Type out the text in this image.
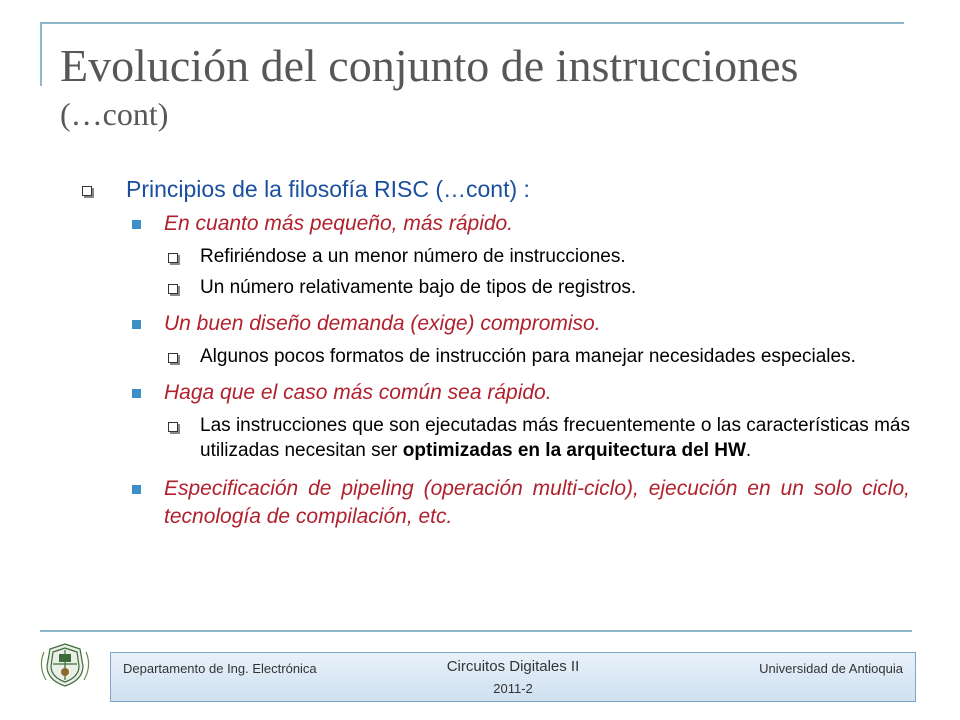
Evolución del conjunto de instrucciones
(…cont)
Principios de la filosofía RISC (…cont) :
En cuanto más pequeño, más rápido.
Refiriéndose a un menor número de instrucciones.
Un número relativamente bajo de tipos de registros.
Un buen diseño demanda (exige) compromiso.
Algunos pocos formatos de instrucción para manejar necesidades especiales.
Haga que el caso más común sea rápido.
Las instrucciones que son ejecutadas más frecuentemente o las características más utilizadas necesitan ser optimizadas en la arquitectura del HW.
Especificación de pipeling (operación multi-ciclo), ejecución en un solo ciclo, tecnología de compilación, etc.
Departamento de Ing. Electrónica	Circuitos Digitales II	Universidad de Antioquia
2011-2
